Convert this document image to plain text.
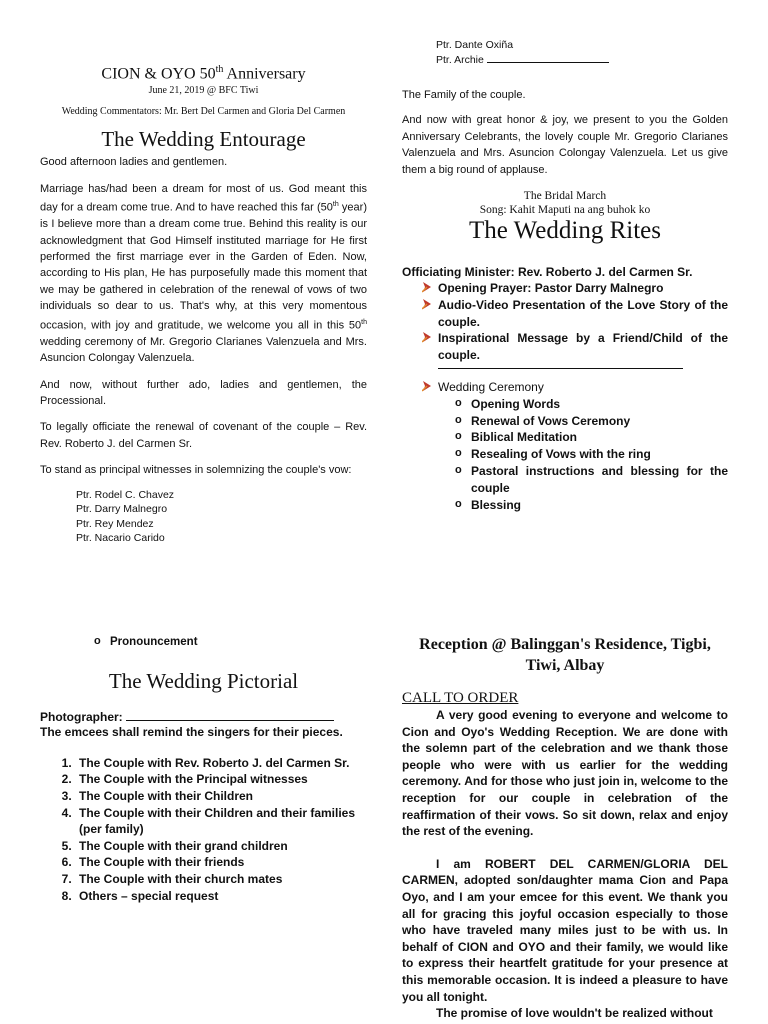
CION & OYO 50th Anniversary

June 21, 2019 @ BFC Tiwi

Wedding Commentators: Mr. Bert Del Carmen and Gloria Del Carmen

The Wedding Entourage

Good afternoon ladies and gentlemen.

Marriage has/had been a dream for most of us. God meant this day for a dream come true. And to have reached this far (50th year) is I believe more than a dream come true. Behind this reality is our acknowledgment that God Himself instituted marriage for He first performed the first marriage ever in the Garden of Eden. Now, according to His plan, He has purposefully made this moment that we may be gathered in celebration of the renewal of vows of two individuals so dear to us. That's why, at this very momentous occasion, with joy and gratitude, we welcome you all in this 50th wedding ceremony of Mr. Gregorio Clarianes Valenzuela and Mrs. Asuncion Colongay Valenzuela.

And now, without further ado, ladies and gentlemen, the Processional.

To legally officiate the renewal of covenant of the couple – Rev. Rev. Roberto J. del Carmen Sr.

To stand as principal witnesses in solemnizing the couple's vow:

Ptr. Rodel C. Chavez
Ptr. Darry Malnegro
Ptr. Rey Mendez
Ptr. Nacario Carido
Ptr. Dante Oxiña
Ptr. Archie

The Family of the couple.

And now with great honor & joy, we present to you the Golden Anniversary Celebrants, the lovely couple Mr. Gregorio Clarianes Valenzuela and Mrs. Asuncion Colongay Valenzuela. Let us give them a big round of applause.

The Bridal March

Song: Kahit Maputi na ang buhok ko

The Wedding Rites

Officiating Minister: Rev. Roberto J. del Carmen Sr.

Opening Prayer: Pastor Darry Malnegro
Audio-Video Presentation of the Love Story of the couple.
Inspirational Message by a Friend/Child of the couple.
Wedding Ceremony
o Opening Words
o Renewal of Vows Ceremony
o Biblical Meditation
o Resealing of Vows with the ring
o Pastoral instructions and blessing for the couple
o Blessing
o Pronouncement

The Wedding Pictorial

Photographer:

The emcees shall remind the singers for their pieces.

1. The Couple with Rev. Roberto J. del Carmen Sr.
2. The Couple with the Principal witnesses
3. The Couple with their Children
4. The Couple with their Children and their families (per family)
5. The Couple with their grand children
6. The Couple with their friends
7. The Couple with their church mates
8. Others – special request

Reception @ Balinggan's Residence, Tigbi, Tiwi, Albay

CALL TO ORDER

A very good evening to everyone and welcome to Cion and Oyo's Wedding Reception. We are done with the solemn part of the celebration and we thank those people who were with us earlier for the wedding ceremony. And for those who just join in, welcome to the reception for our couple in celebration of the reaffirmation of their vows. So sit down, relax and enjoy the rest of the evening.

I am ROBERT DEL CARMEN/GLORIA DEL CARMEN, adopted son/daughter mama Cion and Papa Oyo, and I am your emcee for this event. We thank you all for gracing this joyful occasion especially to those who have traveled many miles just to be with us. In behalf of CION and OYO and their family, we would like to express their heartfelt gratitude for your presence at this memorable occasion. It is indeed a pleasure to have you all tonight.

The promise of love wouldn't be realized without
